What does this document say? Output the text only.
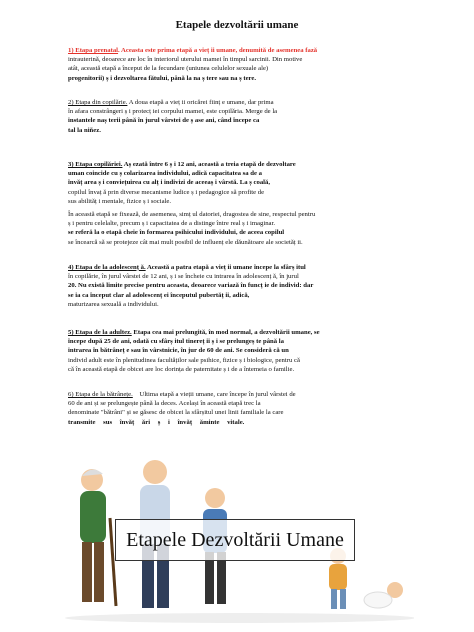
Etapele dezvoltării umane

1) Etapa prenatal. Aceasta este prima etapă a vieț ii umane, denumită de asemenea fază

intrauterină, deoarece are loc în interiorul uterului mamei în timpul sarcinii. Din motive

atât, această etapă a început de la fecundare (uniunea celulelor sexuale ale)

progenitorii) ș i dezvoltarea fătului, până la na ș tere sau na ș tere.

2) Etapa din copilărie. A doua etapă a vieț ii oricărei ființ e umane, dar prima

în afara constrângeri ș i protecț iei corpului mamei, este copilăria. Merge de la

instantele naș terii până în jurul vârstei de ș ase ani, când începe ca

tal la niñez.

3) Etapa copilăriei. Aș ezată între 6 ș i 12 ani, această a treia etapă de dezvoltare

uman coincide cu ș colarizarea individului, adică capacitatea sa de a

învăț area ș i conviețuirea cu alț i indivizi de aceeaș i vârstă. La ș coală,

copilul învaț ă prin diverse mecanisme ludice ș i pedagogice să profite de

sus abilităț i mentale, fizice ș i sociale.

În această etapă se fixează, de asemenea, simț ul datoriei, dragostea de sine, respectul pentru

ș i pentru celelalte, precum ș i capacitatea de a distinge între real ș i imaginar.

se referă la o etapă cheie în formarea psihicului individului, de aceea copilul

se încearcă să se protejeze cât mai mult posibil de influenț ele dăunătoare ale societăț ii.

4) Etapa de la adolescenț ă. Această a patra etapă a vieț ii umane începe la sfârș itul

în copilărie, în jurul vârstei de 12 ani, ș i se încheie cu intrarea în adolescenț ă, în jurul

20. Nu există limite precise pentru aceasta, deoarece variază în funcț ie de individ: dar

se ia ca început clar al adolescenț ei începutul pubertăț ii, adică,

maturizarea sexuală a individului.

5) Etapa de la adultez. Etapa cea mai prelungită, în mod normal, a dezvoltării umane, se

începe după 25 de ani, odată cu sfârș itul tinereț ii ș i se prelungeș te până la

intrarea în bătrâneț e sau în vârstnicie, în jur de 60 de ani. Se consideră că un

individ adult este în plenitudinea facultăților sale psihice, fizice ș i biologice, pentru că

că în această etapă de obicei are loc dorința de paternitate ș i de a întemeia o familie.

6) Etapa de la bătrânețe. Ultima etapă a vieții umane, care începe în jurul vârstei de

60 de ani și se prelungește până la deces. Același în această etapă trec la

denominate "bătrâni" și se găsesc de obicei la sfârșitul unei linii familiale la care

transmite sus învăț ări ș i învăț ăminte vitale.

Etapele Dezvoltării Umane
